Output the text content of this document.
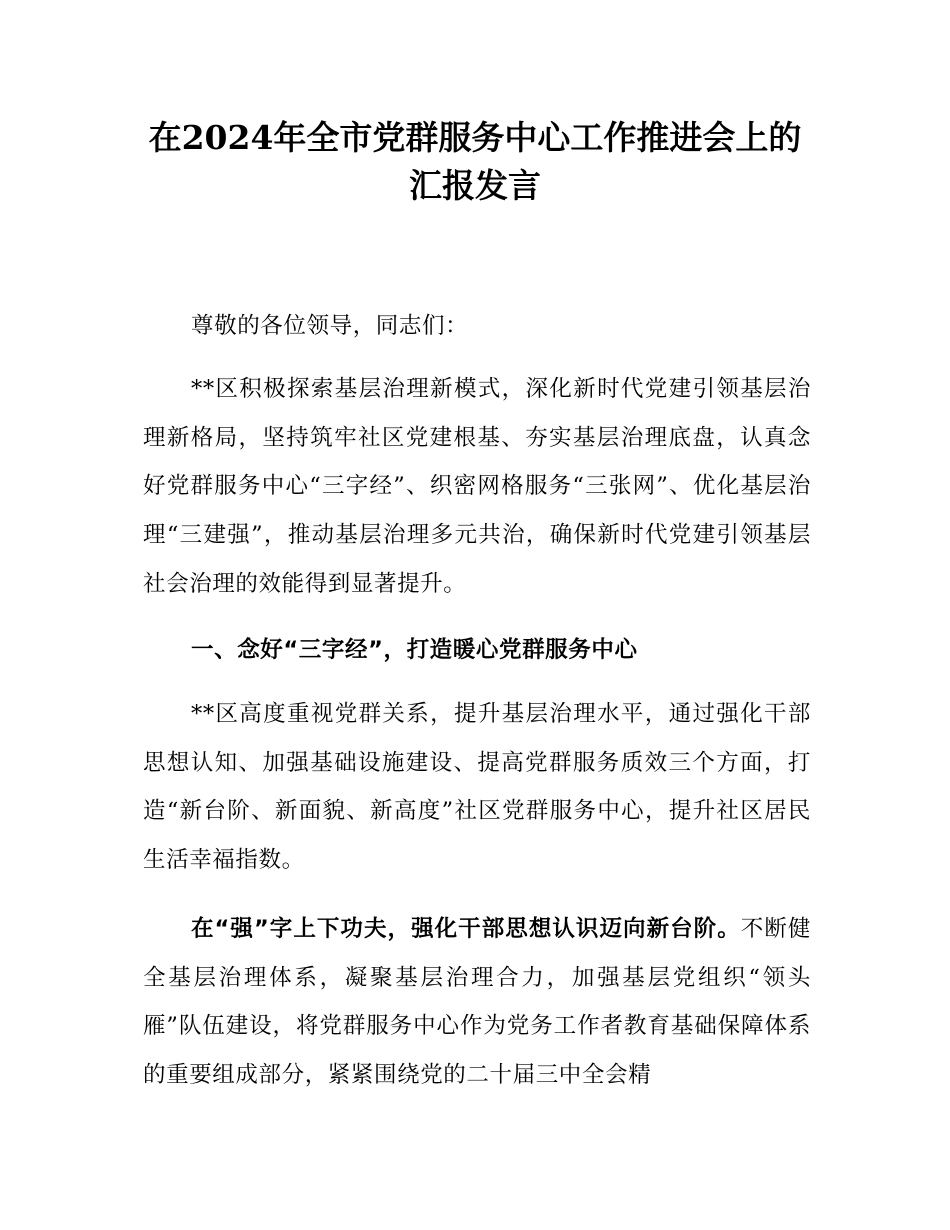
在2024年全市党群服务中心工作推进会上的
汇报发言

尊敬的各位领导，同志们：

**区积极探索基层治理新模式，深化新时代党建引领基层治理新格局，坚持筑牢社区党建根基、夯实基层治理底盘，认真念好党群服务中心“三字经”、织密网格服务“三张网”、优化基层治理“三建强”，推动基层治理多元共治，确保新时代党建引领基层社会治理的效能得到显著提升。

一、念好“三字经”，打造暖心党群服务中心

**区高度重视党群关系，提升基层治理水平，通过强化干部思想认知、加强基础设施建设、提高党群服务质效三个方面，打造“新台阶、新面貌、新高度”社区党群服务中心，提升社区居民生活幸福指数。

在“强”字上下功夫，强化干部思想认识迈向新台阶。不断健全基层治理体系，凝聚基层治理合力，加强基层党组织“领头雁”队伍建设，将党群服务中心作为党务工作者教育基础保障体系的重要组成部分，紧紧围绕党的二十届三中全会精
